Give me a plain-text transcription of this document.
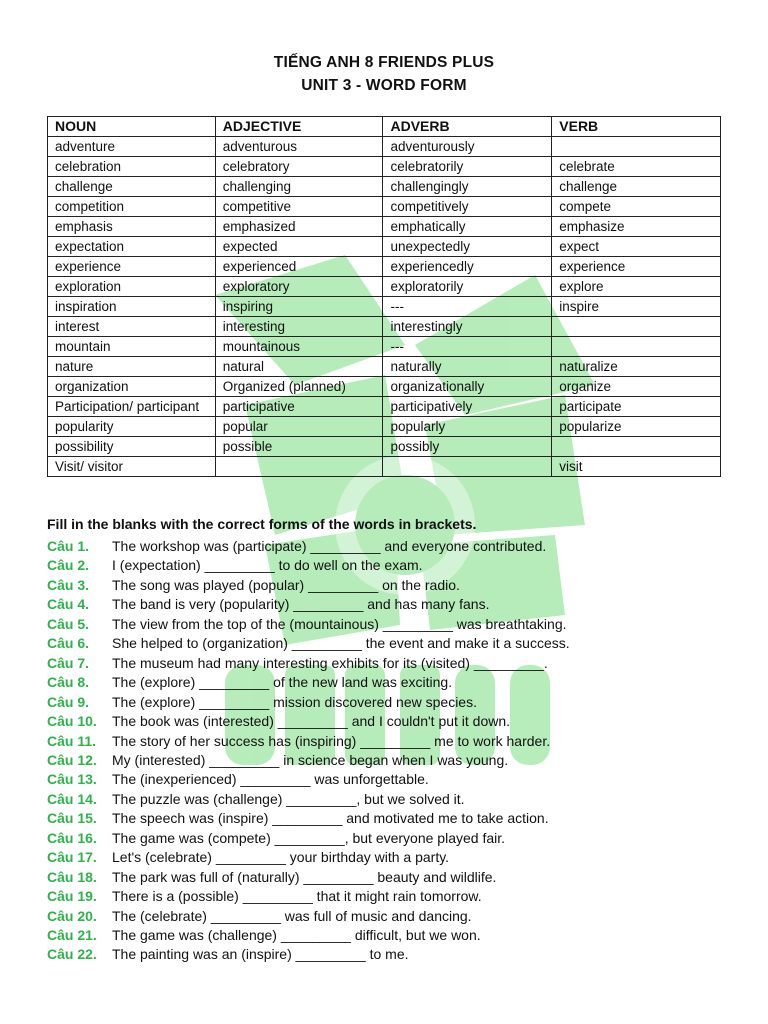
TIẾNG ANH 8 FRIENDS PLUS
UNIT 3 - WORD FORM
NOUN	ADJECTIVE	ADVERB	VERB
adventure	adventurous	adventurously	
celebration	celebratory	celebratorily	celebrate
challenge	challenging	challengingly	challenge
competition	competitive	competitively	compete
emphasis	emphasized	emphatically	emphasize
expectation	expected	unexpectedly	expect
experience	experienced	experiencedly	experience
exploration	exploratory	exploratorily	explore
inspiration	inspiring	---	inspire
interest	interesting	interestingly	
mountain	mountainous	---	
nature	natural	naturally	naturalize
organization	Organized (planned)	organizationally	organize
Participation/ participant	participative	participatively	participate
popularity	popular	popularly	popularize
possibility	possible	possibly	
Visit/ visitor			visit
Fill in the blanks with the correct forms of the words in brackets.
Câu 1. The workshop was (participate) _________ and everyone contributed.
Câu 2. I (expectation) _________ to do well on the exam.
Câu 3. The song was played (popular) _________ on the radio.
Câu 4. The band is very (popularity) _________ and has many fans.
Câu 5. The view from the top of the (mountainous) _________ was breathtaking.
Câu 6. She helped to (organization) _________ the event and make it a success.
Câu 7. The museum had many interesting exhibits for its (visited) _________.
Câu 8. The (explore) _________ of the new land was exciting.
Câu 9. The (explore) _________ mission discovered new species.
Câu 10. The book was (interested) _________ and I couldn't put it down.
Câu 11. The story of her success has (inspiring) _________ me to work harder.
Câu 12. My (interested) _________ in science began when I was young.
Câu 13. The (inexperienced) _________ was unforgettable.
Câu 14. The puzzle was (challenge) _________, but we solved it.
Câu 15. The speech was (inspire) _________ and motivated me to take action.
Câu 16. The game was (compete) _________, but everyone played fair.
Câu 17. Let's (celebrate) _________ your birthday with a party.
Câu 18. The park was full of (naturally) _________ beauty and wildlife.
Câu 19. There is a (possible) _________ that it might rain tomorrow.
Câu 20. The (celebrate) _________ was full of music and dancing.
Câu 21. The game was (challenge) _________ difficult, but we won.
Câu 22. The painting was an (inspire) _________ to me.
